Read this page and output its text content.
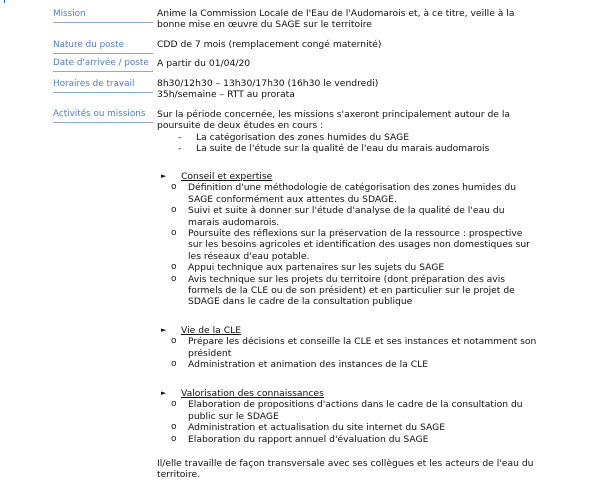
Mission
Nature du poste
Date d'arrivée / poste
Horaires de travail
Activités ou missions
Anime la Commission Locale de l'Eau de l'Audomarois et, à ce titre, veille à la
bonne mise en œuvre du SAGE sur le territoire
CDD de 7 mois (remplacement congé maternité)
A partir du 01/04/20
8h30/12h30 – 13h30/17h30 (16h30 le vendredi)
35h/semaine – RTT au prorata
Sur la période concernée, les missions s'axeront principalement autour de la
poursuite de deux études en cours :
- La catégorisation des zones humides du SAGE
- La suite de l'étude sur la qualité de l'eau du marais audomarois
► Conseil et expertise
o Définition d'une méthodologie de catégorisation des zones humides du
SAGE conformément aux attentes du SDAGE.
o Suivi et suite à donner sur l'étude d'analyse de la qualité de l'eau du
marais audomarois.
o Poursuite des réflexions sur la préservation de la ressource : prospective
sur les besoins agricoles et identification des usages non domestiques sur
les réseaux d'eau potable.
o Appui technique aux partenaires sur les sujets du SAGE
o Avis technique sur les projets du territoire (dont préparation des avis
formels de la CLE ou de son président) et en particulier sur le projet de
SDAGE dans le cadre de la consultation publique
► Vie de la CLE
o Prépare les décisions et conseille la CLE et ses instances et notamment son
président
o Administration et animation des instances de la CLE
► Valorisation des connaissances
o Elaboration de propositions d'actions dans le cadre de la consultation du
public sur le SDAGE
o Administration et actualisation du site internet du SAGE
o Elaboration du rapport annuel d'évaluation du SAGE
Il/elle travaille de façon transversale avec ses collègues et les acteurs de l'eau du
territoire.
